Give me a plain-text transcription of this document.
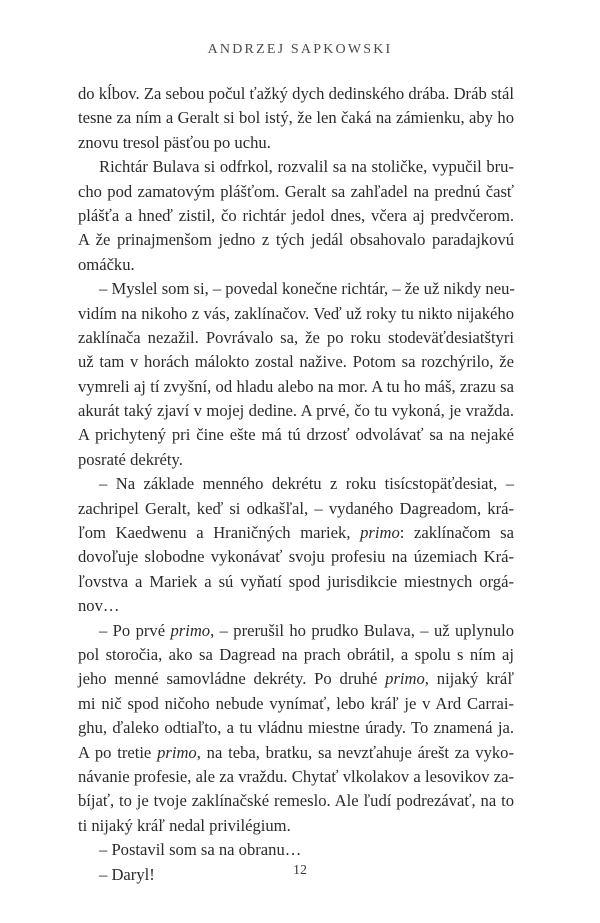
ANDRZEJ SAPKOWSKI
do kĺbov. Za sebou počul ťažký dych dedinského drába. Dráb stál
tesne za ním a Geralt si bol istý, že len čaká na zámienku, aby ho
znovu tresol päsťou po uchu.
Richtár Bulava si odfrkol, rozvalil sa na stoličke, vypučil bru-
cho pod zamatovým plášťom. Geralt sa zahľadel na prednú časť
plášťa a hneď zistil, čo richtár jedol dnes, včera aj predvčerom.
A že prinajmenšom jedno z tých jedál obsahovalo paradajkovú
omáčku.
– Myslel som si, – povedal konečne richtár, – že už nikdy neu-
vidím na nikoho z vás, zaklínačov. Veď už roky tu nikto nijakého
zaklínača nezažil. Povrávalo sa, že po roku stodeväťdesiatštyri
už tam v horách málokto zostal nažive. Potom sa rozchýrilo, že
vymreli aj tí zvyšní, od hladu alebo na mor. A tu ho máš, zrazu sa
akurát taký zjaví v mojej dedine. A prvé, čo tu vykoná, je vražda.
A prichytený pri čine ešte má tú drzosť odvolávať sa na nejaké
posraté dekréty.
– Na základe menného dekrétu z roku tisícstopäťdesiat, –
zachripel Geralt, keď si odkašľal, – vydaného Dagreadom, krá-
ľom Kaedwenu a Hraničných mariek, primo: zaklínačom sa
dovoľuje slobodne vykonávať svoju profesiu na územiach Krá-
ľovstva a Mariek a sú vyňatí spod jurisdikcie miestnych orgá-
nov…
– Po prvé primo, – prerušil ho prudko Bulava, – už uplynulo
pol storočia, ako sa Dagread na prach obrátil, a spolu s ním aj
jeho menné samovládne dekréty. Po druhé primo, nijaký kráľ
mi nič spod ničoho nebude vynímať, lebo kráľ je v Ard Carrai-
ghu, ďaleko odtiaľto, a tu vládnu miestne úrady. To znamená ja.
A po tretie primo, na teba, bratku, sa nevzťahuje árešt za vyko-
návanie profesie, ale za vraždu. Chytať vlkolakov a lesovikov za-
bíjať, to je tvoje zaklínačské remeslo. Ale ľudí podrezávať, na to
ti nijaký kráľ nedal privilégium.
– Postavil som sa na obranu…
– Daryl!	12
